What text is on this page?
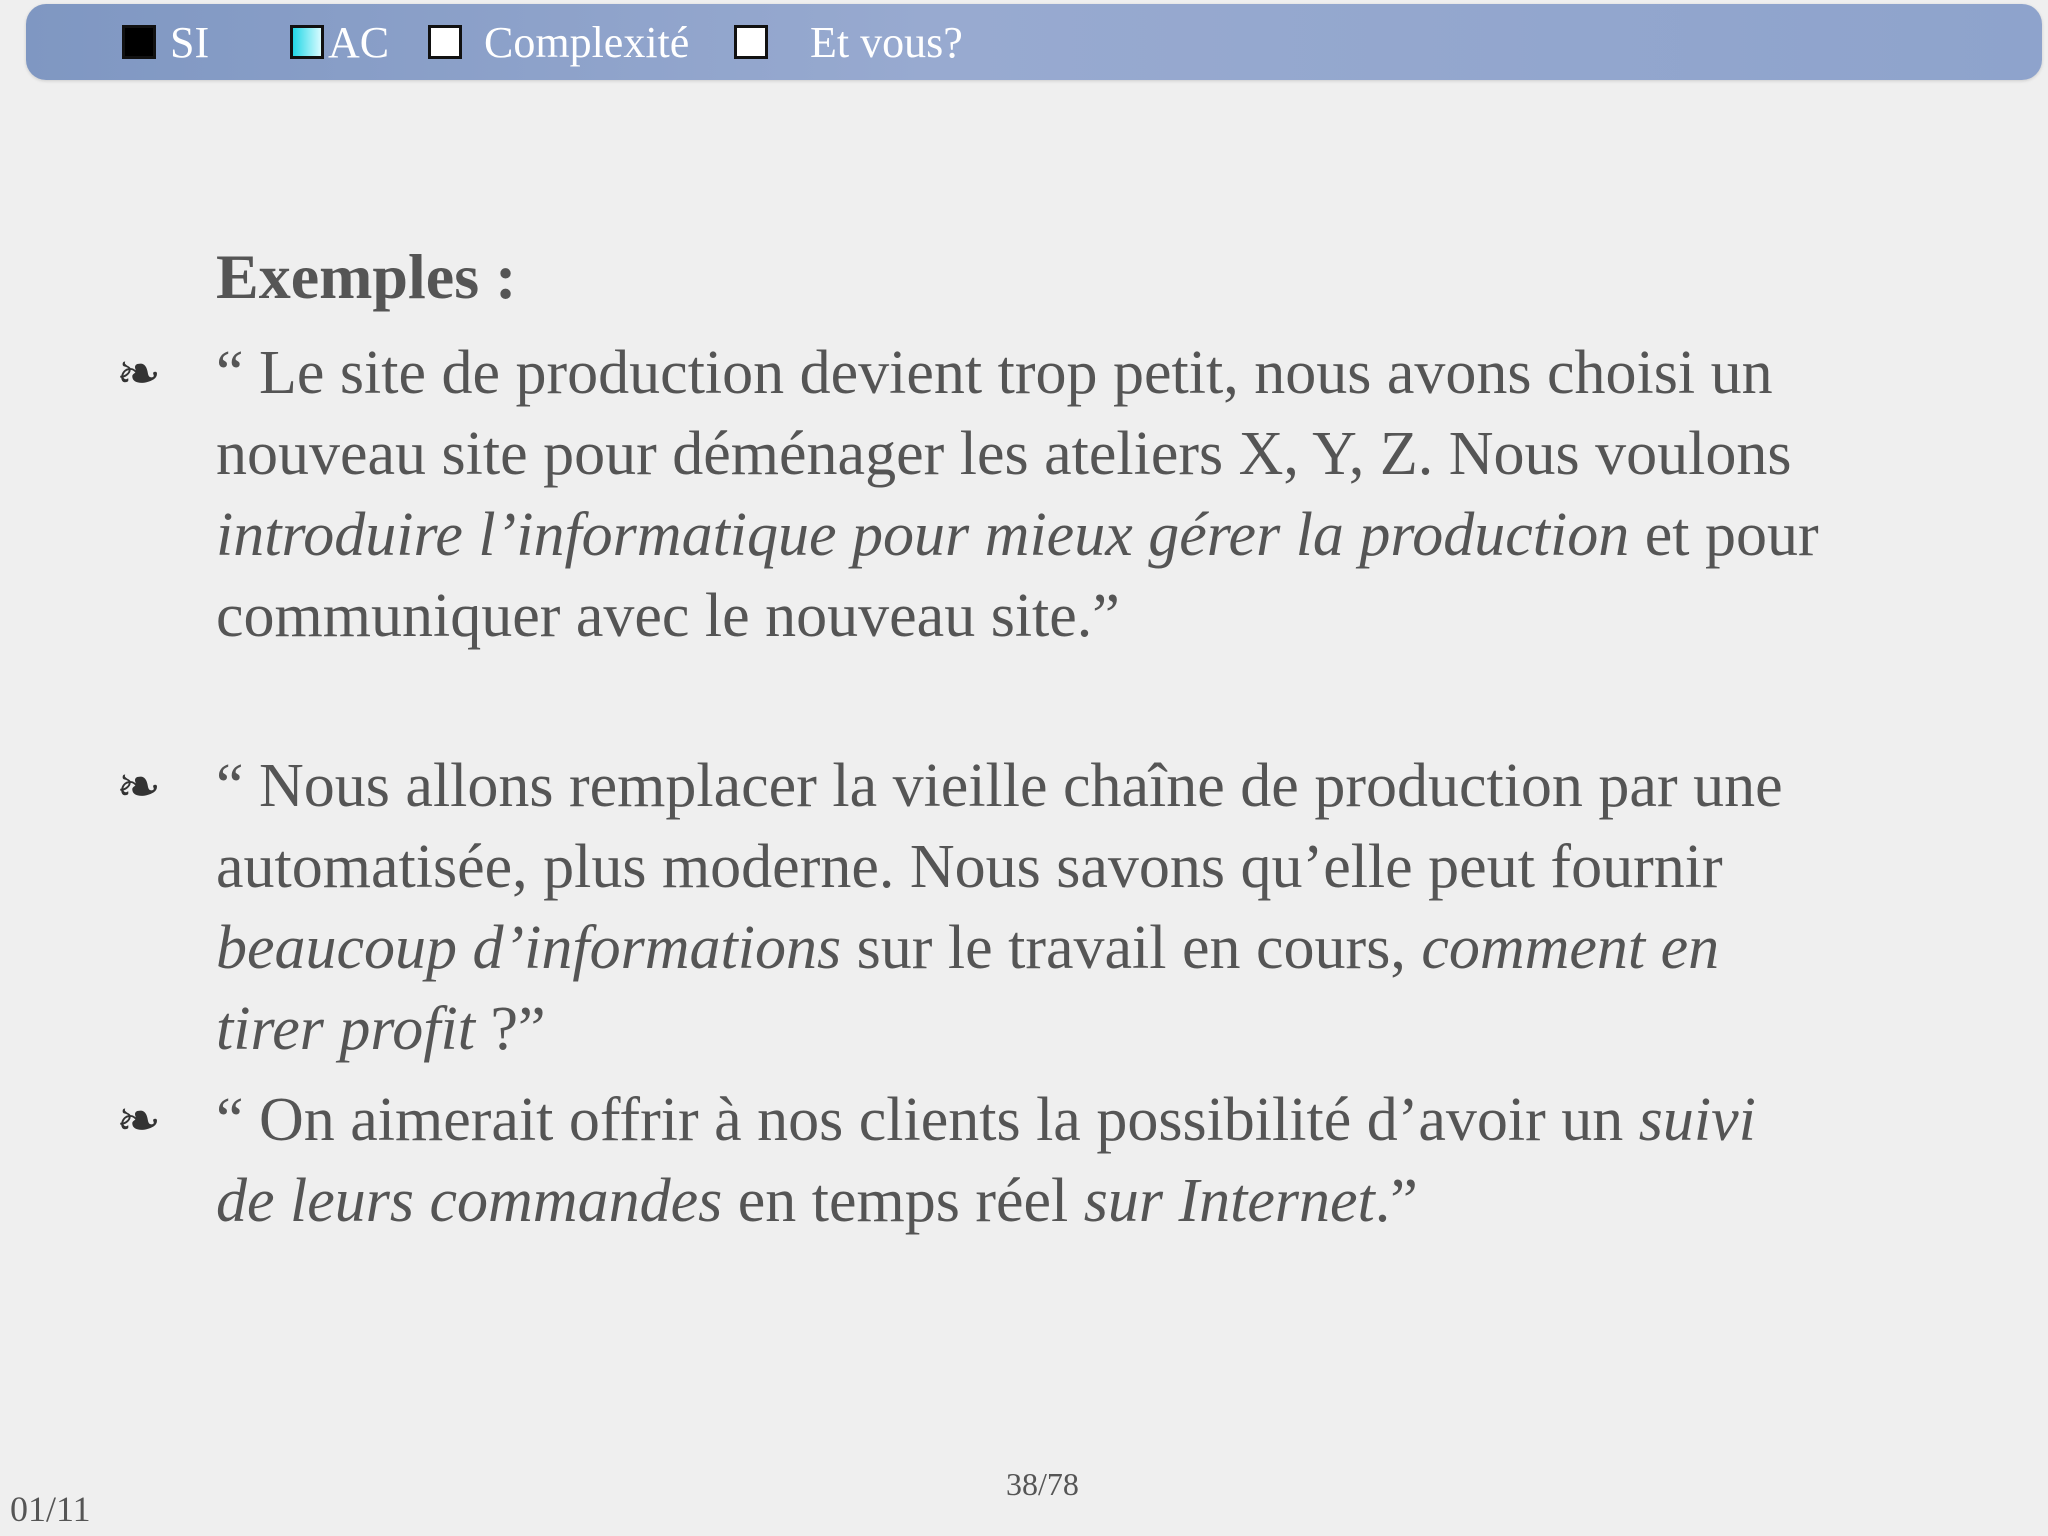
SI	AC Complexité	Et vous?
Exemples :
❧ “ Le site de production devient trop petit, nous avons choisi un nouveau site pour déménager les ateliers X, Y, Z. Nous voulons introduire l’informatique pour mieux gérer la production et pour communiquer avec le nouveau site.”
❧ “ Nous allons remplacer la vieille chaîne de production par une automatisée, plus moderne. Nous savons qu’elle peut fournir beaucoup d’informations sur le travail en cours, comment en tirer profit ?”
❧ “ On aimerait offrir à nos clients la possibilité d’avoir un suivi de leurs commandes en temps réel sur Internet.”
01/11
38/78
